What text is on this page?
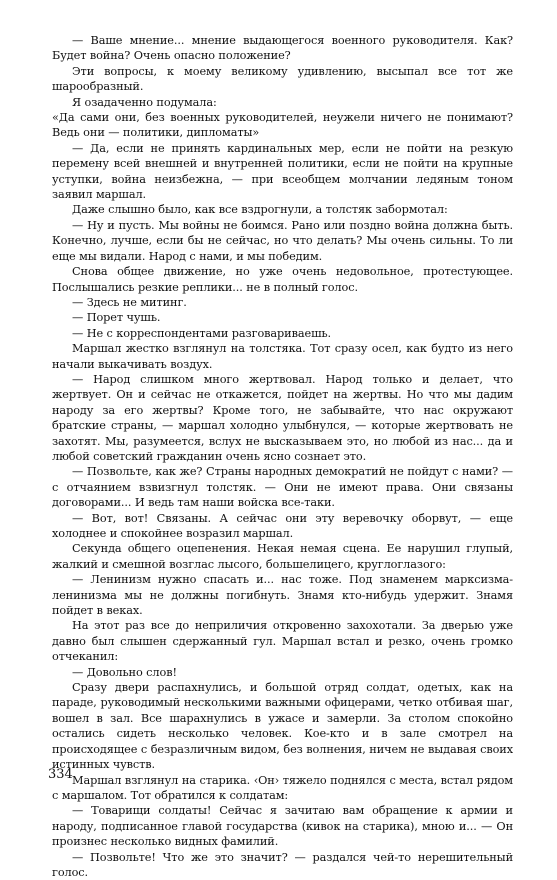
— Ваше мнение... мнение выдающегося военного руководителя. Как? Будет война? Очень опасно положение?

Эти вопросы, к моему великому удивлению, высыпал все тот же шарообразный.

Я озадаченно подумала:

«Да сами они, без военных руководителей, неужели ничего не понимают? Ведь они — политики, дипломаты»

— Да, если не принять кардинальных мер, если не пойти на резкую перемену всей внешней и внутренней политики, если не пойти на крупные уступки, война неизбежна, — при всеобщем молчании ледяным тоном заявил маршал.

Даже слышно было, как все вздрогнули, а толстяк забормотал:

— Ну и пусть. Мы войны не боимся. Рано или поздно война должна быть. Конечно, лучше, если бы не сейчас, но что делать? Мы очень сильны. То ли еще мы видали. Народ с нами, и мы победим.

Снова общее движение, но уже очень недовольное, протестующее. Послышались резкие реплики... не в полный голос.

— Здесь не митинг.

— Порет чушь.

— Не с корреспондентами разговариваешь.

Маршал жестко взглянул на толстяка. Тот сразу осел, как будто из него начали выкачивать воздух.

— Народ слишком много жертвовал. Народ только и делает, что жертвует. Он и сейчас не откажется, пойдет на жертвы. Но что мы дадим народу за его жертвы? Кроме того, не забывайте, что нас окружают братские страны, — маршал холодно улыбнулся, — которые жертвовать не захотят. Мы, разумеется, вслух не высказываем это, но любой из нас... да и любой советский гражданин очень ясно сознает это.

— Позвольте, как же? Страны народных демократий не пойдут с нами? — с отчаянием взвизгнул толстяк. — Они не имеют права. Они связаны договорами... И ведь там наши войска все-таки.

— Вот, вот! Связаны. А сейчас они эту веревочку оборвут, — еще холоднее и спокойнее возразил маршал.

Секунда общего оцепенения. Некая немая сцена. Ее нарушил глупый, жалкий и смешной возглас лысого, большелицего, круглоглазого:

— Ленинизм нужно спасать и... нас тоже. Под знаменем марксизма-ленинизма мы не должны погибнуть. Знамя кто-нибудь удержит. Знамя пойдет в веках.

На этот раз все до неприличия откровенно захохотали. За дверью уже давно был слышен сдержанный гул. Маршал встал и резко, очень громко отчеканил:

— Довольно слов!

Сразу двери распахнулись, и большой отряд солдат, одетых, как на параде, руководимый несколькими важными офицерами, четко отбивая шаг, вошел в зал. Все шарахнулись в ужасе и замерли. За столом спокойно остались сидеть несколько человек. Кое-кто и в зале смотрел на происходящее с безразличным видом, без волнения, ничем не выдавая своих истинных чувств.

Маршал взглянул на старика. ‹Он› тяжело поднялся с места, встал рядом с маршалом. Тот обратился к солдатам:

— Товарищи солдаты! Сейчас я зачитаю вам обращение к армии и народу, подписанное главой государства (кивок на старика), мною и... — Он произнес несколько видных фамилий.

— Позвольте! Что же это значит? — раздался чей-то нерешительный голос.

334
